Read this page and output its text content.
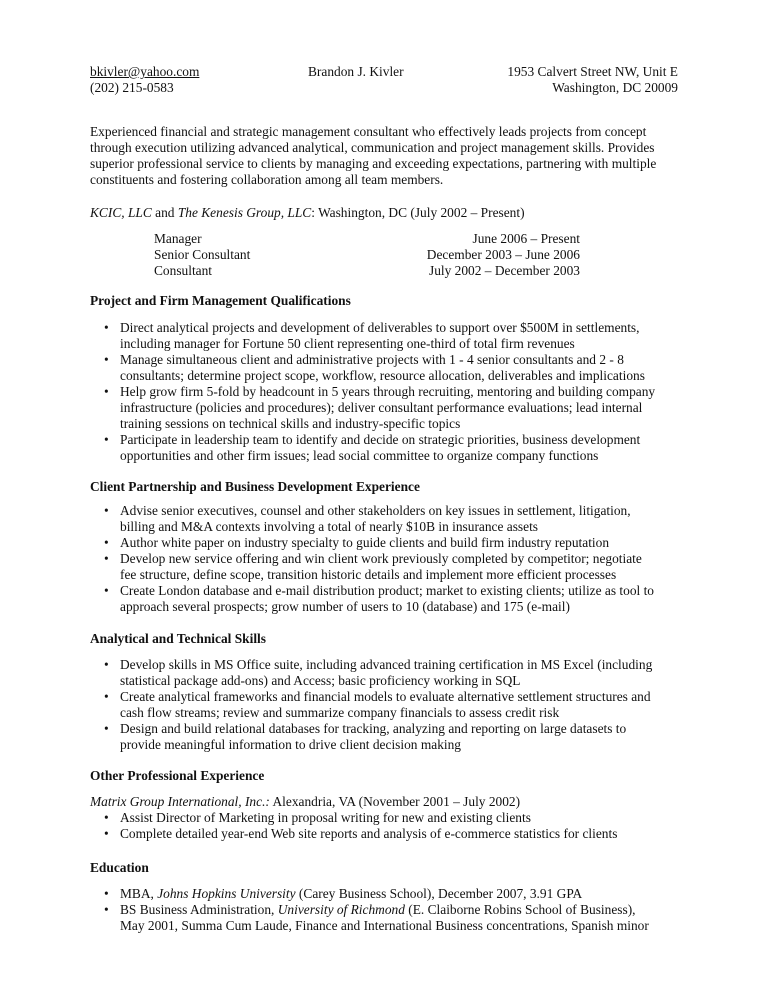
bkivler@yahoo.com
(202) 215-0583
Brandon J. Kivler	1953 Calvert Street NW, Unit E
Washington, DC 20009

Experienced financial and strategic management consultant who effectively leads projects from concept

through execution utilizing advanced analytical, communication and project management skills. Provides

superior professional service to clients by managing and exceeding expectations, partnering with multiple

constituents and fostering collaboration among all team members.

KCIC, LLC and The Kenesis Group, LLC: Washington, DC (July 2002 – Present)
Manager	June 2006 – Present
Senior Consultant	December 2003 – June 2006
Consultant	July 2002 – December 2003
Project and Firm Management Qualifications
• Direct analytical projects and development of deliverables to support over $500M in settlements,
including manager for Fortune 50 client representing one-third of total firm revenues
• Manage simultaneous client and administrative projects with 1 - 4 senior consultants and 2 - 8
consultants; determine project scope, workflow, resource allocation, deliverables and implications
• Help grow firm 5-fold by headcount in 5 years through recruiting, mentoring and building company
infrastructure (policies and procedures); deliver consultant performance evaluations; lead internal
training sessions on technical skills and industry-specific topics
• Participate in leadership team to identify and decide on strategic priorities, business development
opportunities and other firm issues; lead social committee to organize company functions
Client Partnership and Business Development Experience
• Advise senior executives, counsel and other stakeholders on key issues in settlement, litigation,
billing and M&A contexts involving a total of nearly $10B in insurance assets
• Author white paper on industry specialty to guide clients and build firm industry reputation
• Develop new service offering and win client work previously completed by competitor; negotiate
fee structure, define scope, transition historic details and implement more efficient processes
• Create London database and e-mail distribution product; market to existing clients; utilize as tool to
approach several prospects; grow number of users to 10 (database) and 175 (e-mail)
Analytical and Technical Skills
• Develop skills in MS Office suite, including advanced training certification in MS Excel (including
statistical package add-ons) and Access; basic proficiency working in SQL
• Create analytical frameworks and financial models to evaluate alternative settlement structures and
cash flow streams; review and summarize company financials to assess credit risk
• Design and build relational databases for tracking, analyzing and reporting on large datasets to
provide meaningful information to drive client decision making
Other Professional Experience
Matrix Group International, Inc.: Alexandria, VA (November 2001 – July 2002)
• Assist Director of Marketing in proposal writing for new and existing clients
• Complete detailed year-end Web site reports and analysis of e-commerce statistics for clients
Education
• MBA, Johns Hopkins University (Carey Business School), December 2007, 3.91 GPA
• BS Business Administration, University of Richmond (E. Claiborne Robins School of Business),
May 2001, Summa Cum Laude, Finance and International Business concentrations, Spanish minor
